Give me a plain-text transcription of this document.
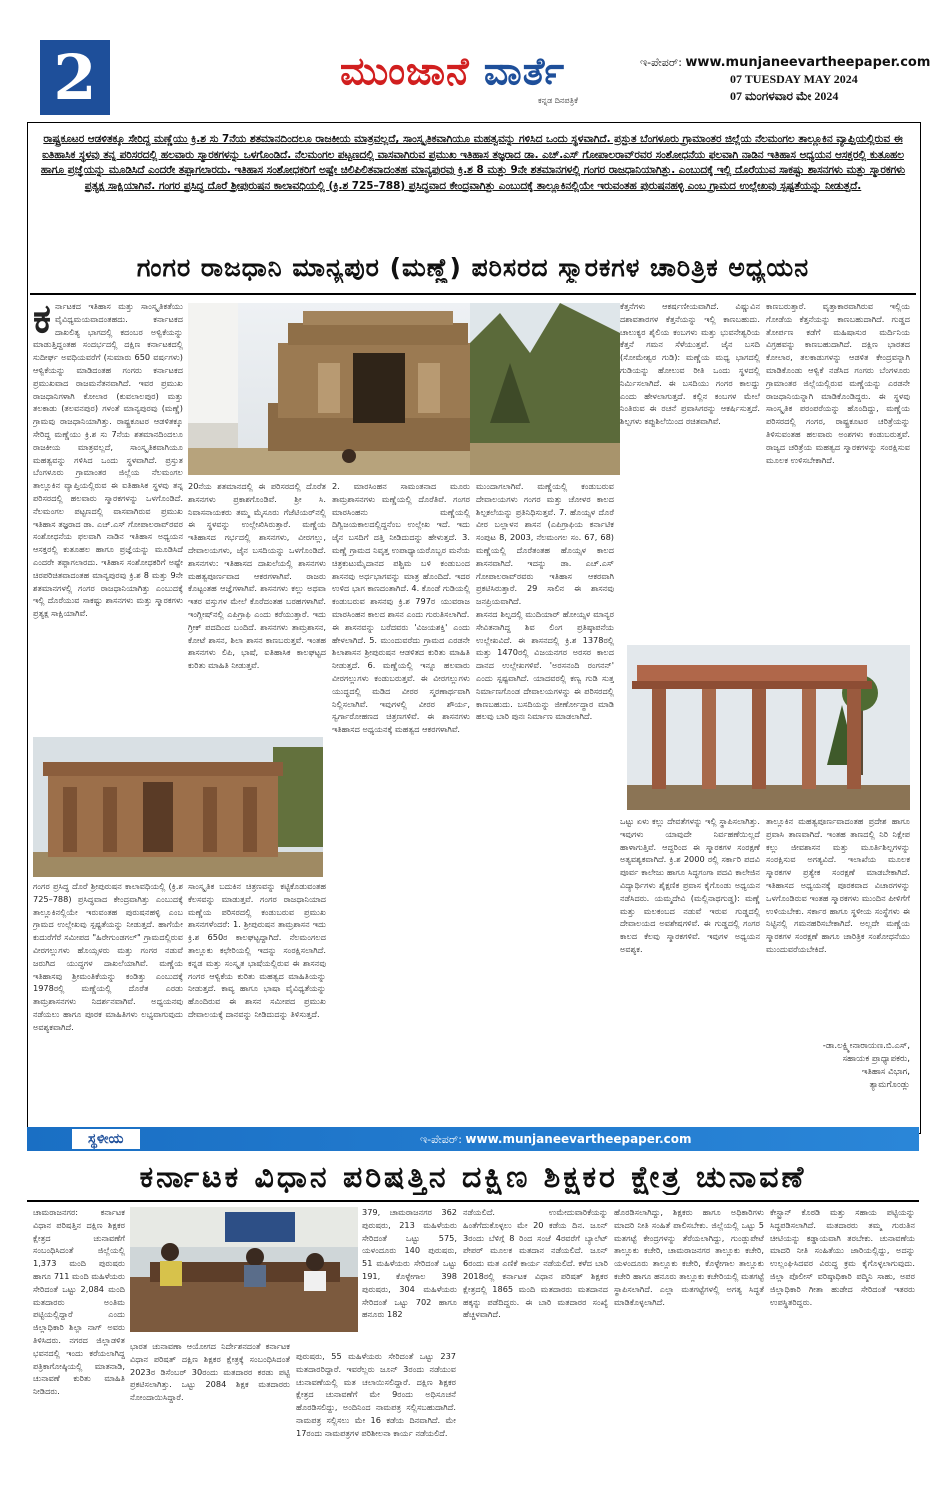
2	ಮುಂಜಾನೆ ವಾರ್ತೆ
ಕನ್ನಡ ದಿನಪತ್ರಿಕೆ
ಇ-ಪೇಪರ್: www.munjaneevartheepaper.com
07 TUESDAY MAY 2024
07 ಮಂಗಳವಾರ ಮೇ 2024
ರಾಷ್ಟ್ರಕೂಟರ ಆಡಳಿತಕ್ಕೂ ಸೇರಿದ್ದ ಮಣ್ಣೆಯು ಕ್ರಿ.ಶ ಸು 7ನೆಯ ಶತಮಾನದಿಂದಲೂ ರಾಜಕೀಯ ಮಾತ್ರವಲ್ಲದೆ, ಸಾಂಸ್ಕೃತಿಕವಾಗಿಯೂ ಮಹತ್ವವನ್ನು ಗಳಿಸಿದ ಒಂದು ಸ್ಥಳವಾಗಿದೆ. ಪ್ರಸ್ತುತ ಬೆಂಗಳೂರು ಗ್ರಾಮಾಂತರ ಜಿಲ್ಲೆಯ ನೆಲಮಂಗಲ ತಾಲ್ಲೂಕಿನ ವ್ಯಾಪ್ತಿಯಲ್ಲಿರುವ ಈ ಐತಿಹಾಸಿಕ ಸ್ಥಳವು ತನ್ನ ಪರಿಸರದಲ್ಲಿ ಹಲವಾರು ಸ್ಮಾರಕಗಳನ್ನು ಒಳಗೊಂಡಿದೆ. ನೆಲಮಂಗಲ ಪಟ್ಟಣದಲ್ಲಿ ವಾಸವಾಗಿರುವ ಪ್ರಮುಖ ಇತಿಹಾಸ ತಜ್ಞರಾದ ಡಾ. ಎಚ್.ಎಸ್ ಗೋಪಾಲರಾವ್‌ರವರ ಸಂಶೋಧನೆಯ ಫಲವಾಗಿ ನಾಡಿನ ಇತಿಹಾಸ ಅಧ್ಯಯನ ಆಸಕ್ತರಲ್ಲಿ ಕುತೂಹಲ ಹಾಗೂ ಪ್ರಜ್ಞೆಯನ್ನು ಮೂಡಿಸಿದೆ ಎಂದರೇ ತಪ್ಪಾಗಲಾರದು. ಇತಿಹಾಸ ಸಂಶೋಧಕರಿಗೆ ಅಷ್ಟೇ ಚಿಲಿಪಿಲಿತವಾದಂತಹ ಮಾನ್ಯಪುರವು ಕ್ರಿ.ಶ 8 ಮತ್ತು 9ನೇ ಶತಮಾನಗಳಲ್ಲಿ ಗಂಗರ ರಾಜಧಾನಿಯಾಗಿತ್ತು. ಎಂಬುದಕ್ಕೆ ಇಲ್ಲಿ ದೊರೆಯುವ ಸಾಕಷ್ಟು ಶಾಸನಗಳು ಮತ್ತು ಸ್ಮಾರಕಗಳು ಪ್ರತ್ಯಕ್ಷ ಸಾಕ್ಷಿಯಾಗಿವೆ. ಗಂಗರ ಪ್ರಸಿದ್ಧ ದೊರೆ ಶ್ರೀಪುರುಷನ ಕಾಲಾವಧಿಯಲ್ಲಿ (ಕ್ರಿ.ಶ 725–788) ಪ್ರಸಿದ್ಧವಾದ ಕೇಂದ್ರವಾಗಿತ್ತು ಎಂಬುದಕ್ಕೆ ತಾಲ್ಲೂಕಿನಲ್ಲಿಯೇ ಇರುವಂತಹ ಪುರುಷನಹಳ್ಳಿ ಎಂಬ ಗ್ರಾಮದ ಉಲ್ಲೇಖವು ಸ್ಪಷ್ಟತೆಯನ್ನು ನೀಡುತ್ತದೆ.
ಗಂಗರ ರಾಜಧಾನಿ ಮಾನ್ಯಪುರ (ಮಣ್ಣೆ) ಪರಿಸರದ ಸ್ಮಾರಕಗಳ ಚಾರಿತ್ರಿಕ ಅಧ್ಯಯನ
ಕರ್ನಾಟಕದ ಇತಿಹಾಸ ಮತ್ತು ಸಾಂಸ್ಕೃತಿಕತೆಯು ವೈವಿಧ್ಯಮಯವಾದಂತಹದು. ಕರ್ನಾಟಕದ ದಾಖಲಿತ್ಯ ಭಾಗದಲ್ಲಿ ಕದಂಬರ ಅಳ್ವಿಕೆಯನ್ನು ಮಾಡುತ್ತಿದ್ದಂತಹ ಸಂದರ್ಭದಲ್ಲಿ ದಕ್ಷಿಣ ಕರ್ನಾಟಕದಲ್ಲಿ ಸುದೀರ್ಘ ಅವಧಿಯವರೆಗೆ (ಸುಮಾರು 650 ವರ್ಷಗಳು) ಆಳ್ವಿಕೆಯನ್ನು ಮಾಡಿದಂತಹ ಗಂಗರು ಕರ್ನಾಟಕದ ಪ್ರಮುಖವಾದ ರಾಜಮನೆತನವಾಗಿದೆ. ಇವರ ಪ್ರಮುಖ ರಾಜಧಾನಿಗಳಾಗಿ ಕೋಲಾರ (ಕುವಲಾಲಪುರ) ಮತ್ತು ತಲಕಾಡು (ತಲವನಪುರ) ಗಳಂತೆ ಮಾನ್ಯಪುರವು (ಮಣ್ಣೆ) ಗ್ರಾಮವು ರಾಜಧಾನಿಯಾಗಿತ್ತು. ರಾಷ್ಟ್ರಕೂಟರ ಆಡಳಿತಕ್ಕೂ ಸೇರಿದ್ದ ಮಣ್ಣೆಯು ಕ್ರಿ.ಶ ಸು 7ನೆಯ ಶತಮಾನದಿಂದಲೂ ರಾಜಕೀಯ ಮಾತ್ರವಲ್ಲದೆ, ಸಾಂಸ್ಕೃತಿಕವಾಗಿಯೂ ಮಹತ್ವವನ್ನು ಗಳಿಸಿದ ಒಂದು ಸ್ಥಳವಾಗಿದೆ. ಪ್ರಸ್ತುತ ಬೆಂಗಳೂರು ಗ್ರಾಮಾಂತರ ಜಿಲ್ಲೆಯ ನೆಲಮಂಗಲ ತಾಲ್ಲೂಕಿನ ವ್ಯಾಪ್ತಿಯಲ್ಲಿರುವ ಈ ಐತಿಹಾಸಿಕ ಸ್ಥಳವು ತನ್ನ ಪರಿಸರದಲ್ಲಿ ಹಲವಾರು ಸ್ಮಾರಕಗಳನ್ನು ಒಳಗೊಂಡಿದೆ. ನೆಲಮಂಗಲ ಪಟ್ಟಣದಲ್ಲಿ ವಾಸವಾಗಿರುವ ಪ್ರಮುಖ ಇತಿಹಾಸ ತಜ್ಞರಾದ ಡಾ. ಎಚ್.ಎಸ್ ಗೋಪಾಲರಾವ್‌ರವರ ಸಂಶೋಧನೆಯ ಫಲವಾಗಿ ನಾಡಿನ ಇತಿಹಾಸ ಅಧ್ಯಯನ ಆಸಕ್ತರಲ್ಲಿ ಕುತೂಹಲ ಹಾಗೂ ಪ್ರಜ್ಞೆಯನ್ನು ಮೂಡಿಸಿದೆ ಎಂದರೇ ತಪ್ಪಾಗಲಾರದು. ಇತಿಹಾಸ ಸಂಶೋಧಕರಿಗೆ ಅಷ್ಟೇ ಚಿರಪರಿಚಿತವಾದಂತಹ ಮಾನ್ಯಪುರವು ಕ್ರಿ.ಶ 8 ಮತ್ತು 9ನೇ ಶತಮಾನಗಳಲ್ಲಿ ಗಂಗರ ರಾಜಧಾನಿಯಾಗಿತ್ತು ಎಂಬುದಕ್ಕೆ ಇಲ್ಲಿ ದೊರೆಯುವ ಸಾಕಷ್ಟು ಶಾಸನಗಳು ಮತ್ತು ಸ್ಮಾರಕಗಳು ಪ್ರತ್ಯಕ್ಷ ಸಾಕ್ಷಿಯಾಗಿವೆ.
20ನೆಯ ಶತಮಾನದಲ್ಲಿ ಈ ಪರಿಸರದಲ್ಲಿ ದೊರೆತ ಶಾಸನಗಳು ಪ್ರಕಾಶಗೊಂಡಿವೆ. ಶ್ರೀ ಸಿ. ನಿವಾಸನಾಯಕರು ತಮ್ಮ ಮೈಸೂರು ಗೆಜೆಟಿಯರ್‌ನಲ್ಲಿ ಈ ಸ್ಥಳವನ್ನು ಉಲ್ಲೇಖಿಸಿರುತ್ತಾರೆ. ಮಣ್ಣೆಯ ಇತಿಹಾಸದ ಗರ್ಭದಲ್ಲಿ ಶಾಸನಗಳು, ವೀರಗಲ್ಲು, ದೇವಾಲಯಗಳು, ಜೈನ ಬಸದಿಯನ್ನು ಒಳಗೊಂಡಿದೆ. ಶಾಸನಗಳು: ಇತಿಹಾಸದ ದಾಖಲೆಯಲ್ಲಿ ಶಾಸನಗಳು ಮಹತ್ವಪೂರ್ಣವಾದ ಆಕರಗಳಾಗಿವೆ. ರಾಜರು ಕೊಟ್ಟಂತಹ ಆಜ್ಞೆಗಳಾಗಿವೆ. ಶಾಸನಗಳು ಕಲ್ಲು ಅಥವಾ ಇತರ ವಸ್ತುಗಳ ಮೇಲೆ ಕೊರೆದಂತಹ ಬರಹಗಳಾಗಿವೆ. ಇಂಗ್ಲೀಷ್‌ನಲ್ಲಿ ಎಪಿಗ್ರಾಫಿ ಎಂದು ಕರೆಯುತ್ತಾರೆ. ಇದು ಗ್ರೀಕ್ ಪದದಿಂದ ಬಂದಿದೆ. ಶಾಸನಗಳು ತಾಮ್ರಶಾಸನ, ಕೋಟೆ ಶಾಸನ, ಶಿಲಾ ಶಾಸನ ಕಾಣಬರುತ್ತವೆ. ಇಂತಹ ಶಾಸನಗಳು ಲಿಪಿ, ಭಾಷೆ, ಐತಿಹಾಸಿಕ ಕಾಲಘಟ್ಟದ ಕುರಿತು ಮಾಹಿತಿ ನೀಡುತ್ತವೆ.
2. ಮಾರಸಿಂಹನ ಸಾಮಂತನಾದ ಮೂರು ತಾಮ್ರಶಾಸನಗಳು ಮಣ್ಣೆಯಲ್ಲಿ ದೊರೆತಿವೆ. ಗಂಗರ ಮಾರಸಿಂಹನು ಮಣ್ಣೆಯಲ್ಲಿ ದಿಗ್ವಿಜಯಕಾಲದಲ್ಲಿದ್ದನೆಂಬ ಉಲ್ಲೇಖ ಇದೆ. ಇದು ಜೈನ ಬಸದಿಗೆ ದತ್ತಿ ನೀಡಿದುದನ್ನು ಹೇಳುತ್ತದೆ. 3. ಮಣ್ಣೆ ಗ್ರಾಮದ ನಿವೃತ್ತ ಉಪಾಧ್ಯಾಯರೊಬ್ಬರ ಮನೆಯ ಚಿತ್ರಕುಟುಮೈದಾನದ ಪಶ್ಚಿಮ ಬಳಿ ಕಂಡುಬಂದ ಶಾಸನವು ಅರ್ಧಭಾಗವನ್ನು ಮಾತ್ರ ಹೊಂದಿದೆ. ಇದರ ಉಳಿದ ಭಾಗ ಕಾಣದಂತಾಗಿದೆ. 4. ಕೊಂಡೆ ಗುಡಿಯಲ್ಲಿ ಕಂಡುಬರುವ ಶಾಸನವು ಕ್ರಿ.ಶ 797ರ ಯುವರಾಜ ಮಾರಸಿಂಹನ ಕಾಲದ ಶಾಸನ ಎಂದು ಗುರುತಿಸಲಾಗಿದೆ.
ಈ ಶಾಸನವನ್ನು ಬರೆದವರು 'ವಿಜಯಶಕ್ತಿ' ಎಂದು ಹೇಳಲಾಗಿದೆ. 5. ಮುಂದುವರೆದು ಗ್ರಾಮದ ಎರಡನೇ ಶಿಲಾಶಾಸನ ಶ್ರೀಪುರುಷನ ಆಡಳಿತದ ಕುರಿತು ಮಾಹಿತಿ ನೀಡುತ್ತದೆ. 6. ಮಣ್ಣೆಯಲ್ಲಿ ಇನ್ನೂ ಹಲವಾರು ವೀರಗಲ್ಲುಗಳು ಕಂಡುಬರುತ್ತವೆ. ಈ ವೀರಗಲ್ಲುಗಳು ಯುದ್ಧದಲ್ಲಿ ಮಡಿದ ವೀರರ ಸ್ಮರಣಾರ್ಥವಾಗಿ ನಿಲ್ಲಿಸಲಾಗಿವೆ. ಇವುಗಳಲ್ಲಿ ವೀರರ ಶೌರ್ಯ, ಸ್ವರ್ಗಾರೋಹಣದ ಚಿತ್ರಣಗಳಿವೆ. ಈ ಶಾಸನಗಳು ಇತಿಹಾಸದ ಅಧ್ಯಯನಕ್ಕೆ ಮಹತ್ವದ ಆಕರಗಳಾಗಿವೆ.
ಮುಂದಾಗಲಾಗಿವೆ. ಮಣ್ಣೆಯಲ್ಲಿ ಕಂಡುಬರುವ ದೇವಾಲಯಗಳು ಗಂಗರ ಮತ್ತು ಚೋಳರ ಕಾಲದ ಶಿಲ್ಪಕಲೆಯನ್ನು ಪ್ರತಿನಿಧಿಸುತ್ತವೆ. 7. ಹೊಯ್ಸಳ ದೊರೆ ವೀರ ಬಲ್ಲಾಳನ ಶಾಸನ (ಎಪಿಗ್ರಾಫಿಯ ಕರ್ನಾಟಿಕ ಸಂಪುಟ 8, 2003, ನೆಲಮಂಗಲ ಸಂ. 67, 68) ಮಣ್ಣೆಯಲ್ಲಿ ದೊರೆತಂತಹ ಹೊಯ್ಸಳ ಕಾಲದ ಶಾಸನವಾಗಿದೆ. ಇದನ್ನು ಡಾ. ಎಚ್.ಎಸ್ ಗೋಪಾಲರಾವ್‌ರವರು ಇತಿಹಾಸ ಆಕರವಾಗಿ ಪ್ರಕಟಿಸಿರುತ್ತಾರೆ. 29 ಸಾಲಿನ ಈ ಶಾಸನವು ಜನಪ್ರಿಯವಾಗಿದೆ.
ಶಾಸನದ ಶಿಲ್ಪದಲ್ಲಿ ಮುದಿಯಾರ್‌ ಹೋಯ್ಸಳ ಮಾನ್ಯರ ಸೇವಿತನಾಗಿದ್ದ ಶಿವ ಲಿಂಗ ಪ್ರತಿಷ್ಠಾಪನೆಯ ಉಲ್ಲೇಖವಿದೆ. ಈ ಶಾಸನದಲ್ಲಿ ಕ್ರಿ.ಶ 1378ರಲ್ಲಿ ಮತ್ತು 1470ರಲ್ಲಿ ವಿಜಯನಗರ ಅರಸರ ಕಾಲದ ದಾನದ ಉಲ್ಲೇಖಗಳಿವೆ. 'ಅರಸನಂದಿ ರಂಗನನ್' ಎಂದು ಸ್ಪಷ್ಟವಾಗಿದೆ. ಯಾದವರಲ್ಲಿ ಕಣ್ವ ಗುಡಿ ಸುತ್ತ ನಿರ್ಮಾಣಗೊಂಡ ದೇವಾಲಯಗಳನ್ನು ಈ ಪರಿಸರದಲ್ಲಿ ಕಾಣಬಹುದು. ಬಸದಿಯನ್ನು ಜೀರ್ಣೋದ್ಧಾರ ಮಾಡಿ ಹಲವು ಬಾರಿ ಪುನಃ ನಿರ್ಮಾಣ ಮಾಡಲಾಗಿದೆ.
ಕೆತ್ತನೆಗಳು ಆಕರ್ಷಣೀಯವಾಗಿದೆ. ವಿಷ್ಣುವಿನ ದಶಾವತಾರಗಳ ಕೆತ್ತನೆಯನ್ನು ಇಲ್ಲಿ ಕಾಣಬಹುದು. ಚಾಲುಕ್ಯರ ಶೈಲಿಯ ಕಂಬಗಳು ಮತ್ತು ಭುವನೇಶ್ವರಿಯ ಕೆತ್ತನೆ ಗಮನ ಸೆಳೆಯುತ್ತವೆ. ಜೈನ ಬಸದಿ (ಸೋಮೇಶ್ವರ ಗುಡಿ): ಮಣ್ಣೆಯ ಮಧ್ಯ ಭಾಗದಲ್ಲಿ ಗುಡಿಯನ್ನು ಹೋಲುವ ರೀತಿ ಒಂದು ಸ್ಥಳದಲ್ಲಿ ನಿರ್ಮಿಸಲಾಗಿದೆ. ಈ ಬಸದಿಯು ಗಂಗರ ಕಾಲದ್ದು ಎಂದು ಹೇಳಲಾಗುತ್ತದೆ. ಕಲ್ಲಿನ ಕಂಬಗಳ ಮೇಲೆ ನಿಂತಿರುವ ಈ ರಚನೆ ಪ್ರವಾಸಿಗರನ್ನು ಆಕರ್ಷಿಸುತ್ತದೆ. ಶಿಲ್ಪಗಳು ಕಪ್ಪುಶಿಲೆಯಿಂದ ರಚಿತವಾಗಿವೆ.
ಕಾಣಬರುತ್ತಾರೆ. ವೃತ್ತಾಕಾರವಾಗಿರುವ ಇಲ್ಲಿಯ ಗೋಡೆಯ ಕೆತ್ತನೆಯನ್ನು ಕಾಣಬಹುದಾಗಿದೆ. ಗುಡ್ಡದ ತೋರ್ಪಣ ಕಡೆಗೆ ಮಹಿಷಾಸುರ ಮರ್ದಿನಿಯ ವಿಗ್ರಹವನ್ನು ಕಾಣಬಹುದಾಗಿದೆ. ದಕ್ಷಿಣ ಭಾರತದ ಕೋಲಾರ, ತಲಕಾಡುಗಳನ್ನು ಆಡಳಿತ ಕೇಂದ್ರವನ್ನಾಗಿ ಮಾಡಿಕೊಂಡು ಆಳ್ವಿಕೆ ನಡೆಸಿದ ಗಂಗರು ಬೆಂಗಳೂರು ಗ್ರಾಮಾಂತರ ಜಿಲ್ಲೆಯಲ್ಲಿರುವ ಮಣ್ಣೆಯನ್ನು ಎರಡನೇ ರಾಜಧಾನಿಯನ್ನಾಗಿ ಮಾಡಿಕೊಂಡಿದ್ದರು. ಈ ಸ್ಥಳವು ಸಾಂಸ್ಕೃತಿಕ ಪರಂಪರೆಯನ್ನು ಹೊಂದಿದ್ದು, ಮಣ್ಣೆಯ ಪರಿಸರದಲ್ಲಿ ಗಂಗರ, ರಾಷ್ಟ್ರಕೂಟರ ಚರಿತ್ರೆಯನ್ನು ತಿಳಿಸುವಂತಹ ಹಲವಾರು ಅಂಶಗಳು ಕಂಡುಬರುತ್ತವೆ. ರಾಜ್ಯದ ಚರಿತ್ರೆಯ ಮಹತ್ವದ ಸ್ಮಾರಕಗಳನ್ನು ಸಂರಕ್ಷಿಸುವ ಮೂಲಕ ಉಳಿಸಬೇಕಾಗಿದೆ.
ಗಂಗರ ಪ್ರಸಿದ್ಧ ದೊರೆ ಶ್ರೀಪುರುಷನ ಕಾಲಾವಧಿಯಲ್ಲಿ (ಕ್ರಿ.ಶ 725–788) ಪ್ರಸಿದ್ಧವಾದ ಕೇಂದ್ರವಾಗಿತ್ತು ಎಂಬುದಕ್ಕೆ ತಾಲ್ಲೂಕಿನಲ್ಲಿಯೇ ಇರುವಂತಹ ಪುರುಷನಹಳ್ಳಿ ಎಂಬ ಗ್ರಾಮದ ಉಲ್ಲೇಖವು ಸ್ಪಷ್ಟತೆಯನ್ನು ನೀಡುತ್ತದೆ. ಹಾಗೆಯೇ ಕುದುರೆಗೆರೆ ಸಮೀಪದ "ಹಿರೇಗುಂಡಗಲ್" ಗ್ರಾಮದಲ್ಲಿರುವ ವೀರಗಲ್ಲುಗಳು ಹೊಯ್ಸಳರು ಮತ್ತು ಗಂಗರ ನಡುವೆ ಜರುಗಿದ ಯುದ್ಧಗಳ ದಾಖಲೆಯಾಗಿವೆ. ಮಣ್ಣೆಯ ಇತಿಹಾಸವು ಶ್ರೀಮಂತಿಕೆಯನ್ನು ಕಂಡಿತ್ತು ಎಂಬುದಕ್ಕೆ 1978ರಲ್ಲಿ ಮಣ್ಣೆಯಲ್ಲಿ ದೊರೆತ ಎರಡು ತಾಮ್ರಶಾಸನಗಳು ನಿದರ್ಶನವಾಗಿವೆ. ಅಧ್ಯಯನವು ನಡೆಯಲು ಹಾಗೂ ಪೂರಕ ಮಾಹಿತಿಗಳು ಲಭ್ಯವಾಗುವುದು ಅವಶ್ಯಕವಾಗಿದೆ.
ಸಾಂಸ್ಕೃತಿಕ ಬದುಕಿನ ಚಿತ್ರಣವನ್ನು ಕಟ್ಟಿಕೊಡುವಂತಹ ಕೆಲಸವನ್ನು ಮಾಡುತ್ತವೆ. ಗಂಗರ ರಾಜಧಾನಿಯಾದ ಮಣ್ಣೆಯ ಪರಿಸರದಲ್ಲಿ ಕಂಡುಬರುವ ಪ್ರಮುಖ ಶಾಸನಗಳೆಂದರೆ: 1. ಶ್ರೀಪುರುಷನ ತಾಮ್ರಶಾಸನ ಇದು ಕ್ರಿ.ಶ 650ರ ಕಾಲಘಟ್ಟದ್ದಾಗಿದೆ. ನೆಲಮಂಗಲದ ತಾಲ್ಲೂಕು ಕಛೇರಿಯಲ್ಲಿ ಇದನ್ನು ಸಂರಕ್ಷಿಸಲಾಗಿದೆ. ಕನ್ನಡ ಮತ್ತು ಸಂಸ್ಕೃತ ಭಾಷೆಯಲ್ಲಿರುವ ಈ ಶಾಸನವು ಗಂಗರ ಆಳ್ವಿಕೆಯ ಕುರಿತು ಮಹತ್ವದ ಮಾಹಿತಿಯನ್ನು ನೀಡುತ್ತದೆ. ಕಾವ್ಯ ಹಾಗೂ ಭಾಷಾ ವೈವಿಧ್ಯತೆಯನ್ನು ಹೊಂದಿರುವ ಈ ಶಾಸನ ಸಮೀಪದ ಪ್ರಮುಖ ದೇವಾಲಯಕ್ಕೆ ದಾನವನ್ನು ನೀಡಿದುದನ್ನು ತಿಳಿಸುತ್ತದೆ.
ಒಟ್ಟು ಏಳು ಕಲ್ಲು ದೇವತೆಗಳನ್ನು ಇಲ್ಲಿ ಸ್ಥಾಪಿಸಲಾಗಿತ್ತು. ಇವುಗಳು ಯಾವುದೇ ನಿರ್ವಹಣೆಯಿಲ್ಲದೆ ಹಾಳಾಗುತ್ತಿವೆ. ಆದ್ದರಿಂದ ಈ ಸ್ಮಾರಕಗಳ ಸಂರಕ್ಷಣೆ ಅತ್ಯವಶ್ಯಕವಾಗಿದೆ. ಕ್ರಿ.ಶ 2000 ರಲ್ಲಿ ಸರ್ಕಾರಿ ಪದವಿ ಪೂರ್ವ ಕಾಲೇಜು ಹಾಗೂ ಸಿದ್ಧಗಂಗಾ ಪದವಿ ಕಾಲೇಜಿನ ವಿದ್ಯಾರ್ಥಿಗಳು ಶೈಕ್ಷಣಿಕ ಪ್ರವಾಸ ಕೈಗೊಂಡು ಅಧ್ಯಯನ ನಡೆಸಿದರು. ಯಮ್ಮದೇವಿ (ಮಲ್ಲಿನಾಥಗುಡ್ಡ): ಮಣ್ಣೆ ಮತ್ತು ಮಲಕಂಬದ ನಡುವೆ ಇರುವ ಗುಡ್ಡದಲ್ಲಿ ದೇವಾಲಯದ ಅವಶೇಷಗಳಿವೆ. ಈ ಗುಡ್ಡದಲ್ಲಿ ಗಂಗರ ಕಾಲದ ಕೆಲವು ಸ್ಮಾರಕಗಳಿವೆ. ಇವುಗಳ ಅಧ್ಯಯನ ಅವಶ್ಯಕ.
ತಾಲ್ಲೂಕಿನ ಮಹತ್ವಪೂರ್ಣವಾದಂತಹ ಪ್ರದೇಶ ಹಾಗೂ ಪ್ರವಾಸಿ ತಾಣವಾಗಿದೆ. ಇಂತಹ ತಾಣದಲ್ಲಿ ನಿರಿ ನಿಕ್ಷೇಪ ಕಲ್ಲು ಜೀವಶಾಸನ ಮತ್ತು ಮೂರ್ತಿಶಿಲ್ಪಗಳನ್ನು ಸಂರಕ್ಷಿಸುವ ಅಗತ್ಯವಿದೆ. ಇಲಾಖೆಯ ಮೂಲಕ ಸ್ಮಾರಕಗಳ ಪ್ರತ್ಯೇಕ ಸಂರಕ್ಷಣೆ ಮಾಡಬೇಕಾಗಿದೆ. ಇತಿಹಾಸದ ಅಧ್ಯಯನಕ್ಕೆ ಪೂರಕವಾದ ವಿಚಾರಗಳನ್ನು ಒಳಗೊಂಡಿರುವ ಇಂತಹ ಸ್ಮಾರಕಗಳು ಮುಂದಿನ ಪೀಳಿಗೆಗೆ ಉಳಿಯಬೇಕು. ಸರ್ಕಾರ ಹಾಗೂ ಸ್ಥಳೀಯ ಸಂಸ್ಥೆಗಳು ಈ ನಿಟ್ಟಿನಲ್ಲಿ ಗಮನಹರಿಸಬೇಕಾಗಿದೆ. ಅಲ್ಲದೇ ಮಣ್ಣೆಯ ಸ್ಮಾರಕಗಳ ಸಂರಕ್ಷಣೆ ಹಾಗೂ ಚಾರಿತ್ರಿಕ ಸಂಶೋಧನೆಯು ಮುಂದುವರೆಯಬೇಕಿದೆ.
-ಡಾ.ಲಕ್ಷ್ಮೀನಾರಾಯಣ.ಬಿ.ಎಸ್,
ಸಹಾಯಕ ಪ್ರಾಧ್ಯಾಪಕರು,
ಇತಿಹಾಸ ವಿಭಾಗ,
ತ್ಯಾಮಗೊಂಡ್ಲು
ಸ್ಥಳೀಯ	ಇ-ಪೇಪರ್: www.munjaneevartheepaper.com
ಕರ್ನಾಟಕ ವಿಧಾನ ಪರಿಷತ್ತಿನ ದಕ್ಷಿಣ ಶಿಕ್ಷಕರ ಕ್ಷೇತ್ರ ಚುನಾವಣೆ
ಚಾಮರಾಜನಗರ: ಕರ್ನಾಟಕ ವಿಧಾನ ಪರಿಷತ್ತಿನ ದಕ್ಷಿಣ ಶಿಕ್ಷಕರ ಕ್ಷೇತ್ರದ ಚುನಾವಣೆಗೆ ಸಂಬಂಧಿಸಿದಂತೆ ಜಿಲ್ಲೆಯಲ್ಲಿ 1,373 ಮಂದಿ ಪುರುಷರು ಹಾಗೂ 711 ಮಂದಿ ಮಹಿಳೆಯರು ಸೇರಿದಂತೆ ಒಟ್ಟು 2,084 ಮಂದಿ ಮತದಾರರು ಅಂತಿಮ ಪಟ್ಟಿಯಲ್ಲಿದ್ದಾರೆ ಎಂದು ಜಿಲ್ಲಾಧಿಕಾರಿ ಶಿಲ್ಪಾ ನಾಗ್ ಅವರು ತಿಳಿಸಿದರು. ನಗರದ ಜಿಲ್ಲಾಡಳಿತ ಭವನದಲ್ಲಿ ಇಂದು ಕರೆಯಲಾಗಿದ್ದ ಪತ್ರಿಕಾಗೋಷ್ಠಿಯಲ್ಲಿ ಮಾತನಾಡಿ, ಚುನಾವಣೆ ಕುರಿತು ಮಾಹಿತಿ ನೀಡಿದರು.
379, ಚಾಮರಾಜನಗರ 362 ಪುರುಷರು, 213 ಮಹಿಳೆಯರು ಸೇರಿದಂತೆ ಒಟ್ಟು 575, ಯಳಂದೂರು 140 ಪುರುಷರು, 51 ಮಹಿಳೆಯರು ಸೇರಿದಂತೆ ಒಟ್ಟು 191, ಕೊಳ್ಳೇಗಾಲ 398 ಪುರುಷರು, 304 ಮಹಿಳೆಯರು ಸೇರಿದಂತೆ ಒಟ್ಟು 702 ಹಾಗೂ ಹನೂರು 182
ಭಾರತ ಚುನಾವಣಾ ಆಯೋಗದ ನಿರ್ದೇಶನದಂತೆ ಕರ್ನಾಟಕ ವಿಧಾನ ಪರಿಷತ್ ದಕ್ಷಿಣ ಶಿಕ್ಷಕರ ಕ್ಷೇತ್ರಕ್ಕೆ ಸಂಬಂಧಿಸಿದಂತೆ 2023ರ ಡಿಸೆಂಬರ್ 30ರಂದು ಮತದಾರರ ಕರಡು ಪಟ್ಟಿ ಪ್ರಕಟಿಸಲಾಗಿತ್ತು. ಒಟ್ಟು 2084 ಶಿಕ್ಷಕ ಮತದಾರರು ನೋಂದಾಯಿಸಿದ್ದಾರೆ.
ಪುರುಷರು, 55 ಮಹಿಳೆಯರು ಸೇರಿದಂತೆ ಒಟ್ಟು 237 ಮತದಾರರಿದ್ದಾರೆ. ಇವರೆಲ್ಲರು ಜೂನ್ 3ರಂದು ನಡೆಯುವ ಚುನಾವಣೆಯಲ್ಲಿ ಮತ ಚಲಾಯಿಸಲಿದ್ದಾರೆ. ದಕ್ಷಿಣ ಶಿಕ್ಷಕರ ಕ್ಷೇತ್ರದ ಚುನಾವಣೆಗೆ ಮೇ 9ರಂದು ಅಧಿಸೂಚನೆ ಹೊರಡಿಸಲಿದ್ದು, ಅಂದಿನಿಂದ ನಾಮಪತ್ರ ಸಲ್ಲಿಸಬಹುದಾಗಿದೆ. ನಾಮಪತ್ರ ಸಲ್ಲಿಸಲು ಮೇ 16 ಕಡೆಯ ದಿನವಾಗಿದೆ. ಮೇ 17ರಂದು ನಾಮಪತ್ರಗಳ ಪರಿಶೀಲನಾ ಕಾರ್ಯ ನಡೆಯಲಿದೆ.
ನಡೆಯಲಿದೆ. ಉಮೇದುವಾರಿಕೆಯನ್ನು ಹಿಂತೆಗೆದುಕೊಳ್ಳಲು ಮೇ 20 ಕಡೆಯ ದಿನ. ಜೂನ್ 3ರಂದು ಬೆಳಿಗ್ಗೆ 8 ರಿಂದ ಸಂಜೆ 4ರವರೆಗೆ ಬ್ಯಾಲೆಟ್ ಪೇಪರ್ ಮೂಲಕ ಮತದಾನ ನಡೆಯಲಿದೆ. ಜೂನ್ 6ರಂದು ಮತ ಎಣಿಕೆ ಕಾರ್ಯ ನಡೆಯಲಿದೆ. ಕಳೆದ ಬಾರಿ 2018ರಲ್ಲಿ ಕರ್ನಾಟಕ ವಿಧಾನ ಪರಿಷತ್ ಶಿಕ್ಷಕರ ಕ್ಷೇತ್ರದಲ್ಲಿ 1865 ಮಂದಿ ಮತದಾರರು ಮತದಾನದ ಹಕ್ಕನ್ನು ಪಡೆದಿದ್ದರು. ಈ ಬಾರಿ ಮತದಾರರ ಸಂಖ್ಯೆ ಹೆಚ್ಚಳವಾಗಿದೆ.
ಹೊರಡಿಸಲಾಗಿದ್ದು, ಶಿಕ್ಷಕರು ಹಾಗೂ ಅಧಿಕಾರಿಗಳು ಮಾದರಿ ನೀತಿ ಸಂಹಿತೆ ಪಾಲಿಸಬೇಕು. ಜಿಲ್ಲೆಯಲ್ಲಿ ಒಟ್ಟು 5 ಮತಗಟ್ಟೆ ಕೇಂದ್ರಗಳನ್ನು ತೆರೆಯಲಾಗಿದ್ದು, ಗುಂಡ್ಲುಪೇಟೆ ತಾಲ್ಲೂಕು ಕಚೇರಿ, ಚಾಮರಾಜನಗರ ತಾಲ್ಲೂಕು ಕಚೇರಿ, ಯಳಂದೂರು ತಾಲ್ಲೂಕು ಕಚೇರಿ, ಕೊಳ್ಳೇಗಾಲ ತಾಲ್ಲೂಕು ಕಚೇರಿ ಹಾಗೂ ಹನೂರು ತಾಲ್ಲೂಕು ಕಚೇರಿಯಲ್ಲಿ ಮತಗಟ್ಟೆ ಸ್ಥಾಪಿಸಲಾಗಿದೆ. ಎಲ್ಲಾ ಮತಗಟ್ಟೆಗಳಲ್ಲಿ ಅಗತ್ಯ ಸಿದ್ಧತೆ ಮಾಡಿಕೊಳ್ಳಲಾಗಿದೆ.
ಕೇಸ್ಟ್ರಾನ್ ಕೊಠಡಿ ಮತ್ತು ಸಹಾಯ ಪಟ್ಟಿಯನ್ನು ಸಿದ್ಧಪಡಿಸಲಾಗಿದೆ. ಮತದಾರರು ತಮ್ಮ ಗುರುತಿನ ಚೀಟಿಯನ್ನು ಕಡ್ಡಾಯವಾಗಿ ತರಬೇಕು. ಚುನಾವಣೆಯ ಮಾದರಿ ನೀತಿ ಸಂಹಿತೆಯು ಜಾರಿಯಲ್ಲಿದ್ದು, ಅದನ್ನು ಉಲ್ಲಂಘಿಸಿದವರ ವಿರುದ್ಧ ಕ್ರಮ ಕೈಗೊಳ್ಳಲಾಗುವುದು. ಜಿಲ್ಲಾ ಪೊಲೀಸ್ ವರಿಷ್ಠಾಧಿಕಾರಿ ಪದ್ಮಿನಿ ಸಾಹು, ಅಪರ ಜಿಲ್ಲಾಧಿಕಾರಿ ಗೀತಾ ಹುಡೇದ ಸೇರಿದಂತೆ ಇತರರು ಉಪಸ್ಥಿತರಿದ್ದರು.
